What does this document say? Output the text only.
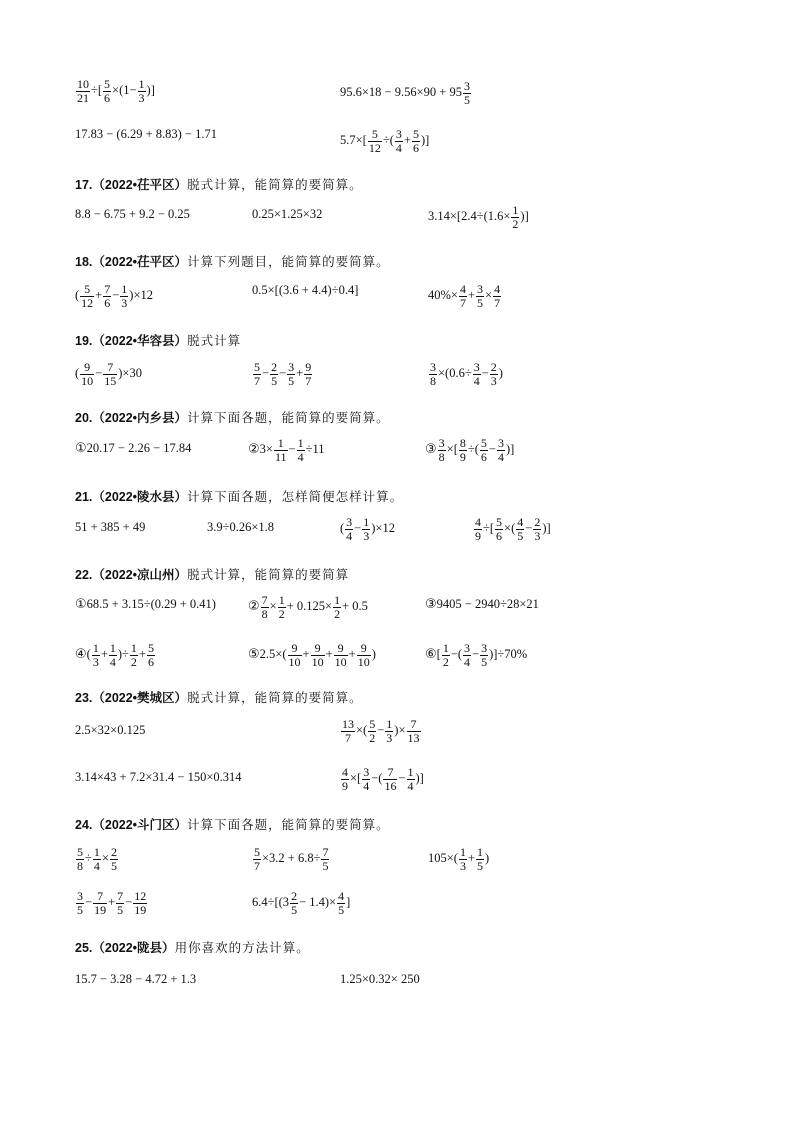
$\frac{10}{21}$ ÷[ $\frac{5}{6} \times(1- \frac{1}{3}$ )]	$95.6\times 18 - 9.56\times 90 + 95 \frac{3}{5}$
17.83 − (6.29 + 8.83) − 1.71	$5.7\times[ \frac{5}{12}$ ÷( $\frac{3}{4} + \frac{5}{6}$ )]
17.（2022•茌平区）脱式计算，能简算的要简算。
8.8 − 6.75 + 9.2 − 0.25	0.25×1.25×32	$3.14\times[2.4\div(1.6\times \frac{1}{2}$ )]
18.（2022•茌平区）计算下列题目，能简算的要简算。
( $\frac{5}{12} + \frac{7}{6} - \frac{1}{3} )\times 12$	0.5×[(3.6 + 4.4)÷0.4]	$40\%\times \frac{4}{7} + \frac{3}{5} \times \frac{4}{7}$
19.（2022•华容县）脱式计算
( $\frac{9}{10} - \frac{7}{15} )\times 30$	$\frac{5}{7} - \frac{2}{5} - \frac{3}{5} + \frac{9}{7}$	$\frac{3}{8} \times(0.6\div \frac{3}{4} - \frac{2}{3}$ )
20.（2022•内乡县）计算下面各题，能简算的要简算。
①20.17 − 2.26 − 17.84	②3× $\frac{1}{11} - \frac{1}{4} \div 11$	③ $\frac{3}{8}$ ×[ $\frac{8}{9}$ ÷( $\frac{5}{6} - \frac{3}{4}$ )]
21.（2022•陵水县）计算下面各题，怎样简便怎样计算。
51 + 385 + 49	3.9÷0.26×1.8	( $\frac{3}{4} - \frac{1}{3} )\times 12$	$\frac{4}{9}$ ÷[ $\frac{5}{6}$ ×( $\frac{4}{5} - \frac{2}{3}$ )]
22.（2022•凉山州）脱式计算，能简算的要简算
①68.5 + 3.15÷(0.29 + 0.41) ② $\frac{7}{8} \times \frac{1}{2} + 0.125\times \frac{1}{2} + 0.5$	③9405 − 2940÷28×21
④( $\frac{1}{3} + \frac{1}{4}$ )÷ $\frac{1}{2} + \frac{5}{6}$	⑤2.5×( $\frac{9}{10} + \frac{9}{10} + \frac{9}{10} + \frac{9}{10}$ )	⑥[ $\frac{1}{2}$ −( $\frac{3}{4} - \frac{3}{5} )]\div 70\%$
23.（2022•樊城区）脱式计算，能简算的要简算。
2.5×32×0.125	$\frac{13}{7}$ ×( $\frac{5}{2} - \frac{1}{3}$ )× $\frac{7}{13}$
3.14×43 + 7.2×31.4 − 150×0.314	$\frac{4}{9}$ ×[ $\frac{3}{4}$ −( $\frac{7}{16} - \frac{1}{4}$ )]
24.（2022•斗门区）计算下面各题，能简算的要简算。
$\frac{5}{8} \div \frac{1}{4} \times \frac{2}{5}$	$\frac{5}{7} \times 3.2 + 6.8\div \frac{7}{5}$	$105\times( \frac{1}{3} + \frac{1}{5}$ )
$\frac{3}{5} - \frac{7}{19} + \frac{7}{5} - \frac{12}{19}$	$6.4\div[(3 \frac{2}{5} - 1.4)\times \frac{4}{5}$ ]
25.（2022•陇县）用你喜欢的方法计算。
15.7 − 3.28 − 4.72 + 1.3	1.25×0.32× 250
